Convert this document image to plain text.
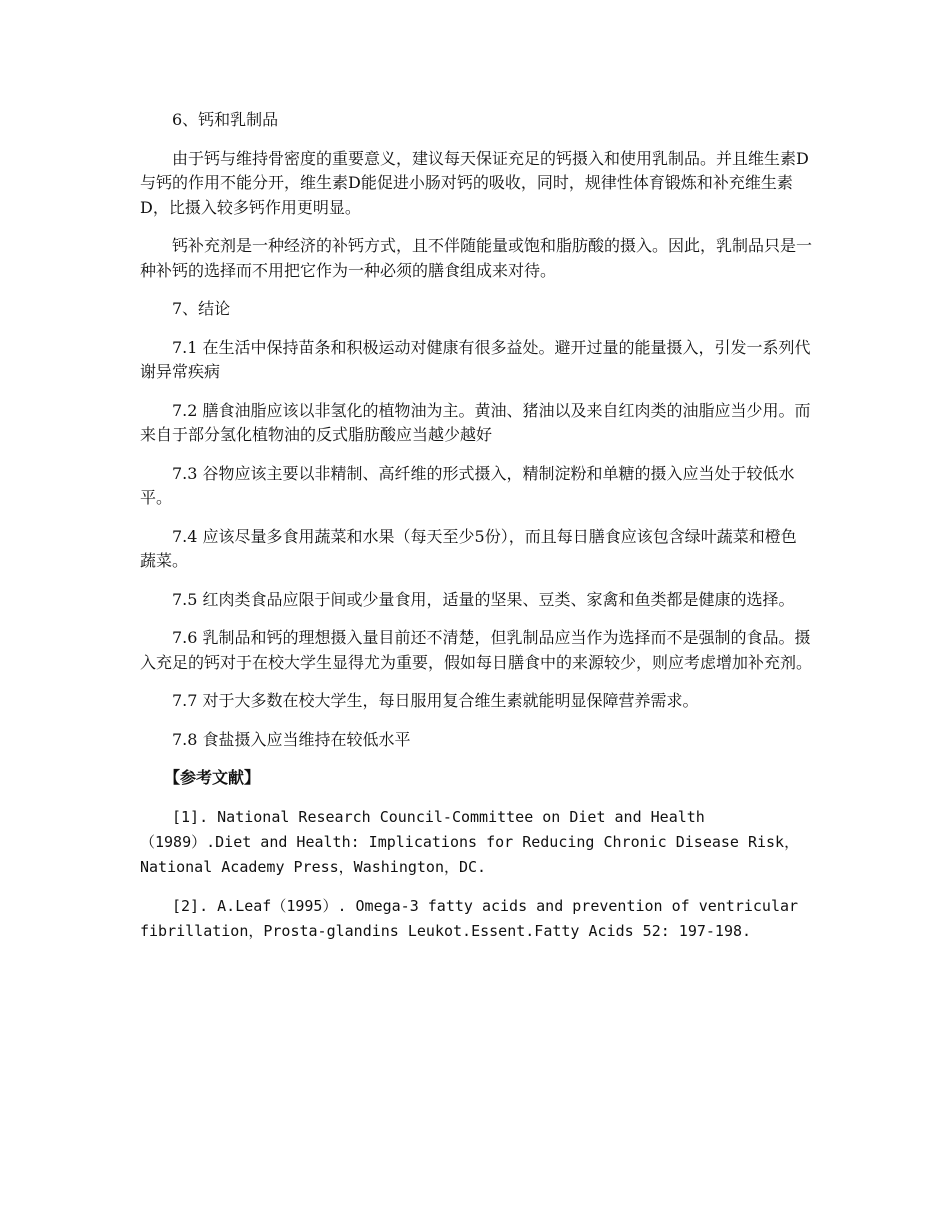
6、钙和乳制品

由于钙与维持骨密度的重要意义，建议每天保证充足的钙摄入和使用乳制品。并且维生素D与钙的作用不能分开，维生素D能促进小肠对钙的吸收，同时，规律性体育锻炼和补充维生素D，比摄入较多钙作用更明显。

钙补充剂是一种经济的补钙方式，且不伴随能量或饱和脂肪酸的摄入。因此，乳制品只是一种补钙的选择而不用把它作为一种必须的膳食组成来对待。

7、结论

7.1 在生活中保持苗条和积极运动对健康有很多益处。避开过量的能量摄入，引发一系列代谢异常疾病

7.2 膳食油脂应该以非氢化的植物油为主。黄油、猪油以及来自红肉类的油脂应当少用。而来自于部分氢化植物油的反式脂肪酸应当越少越好

7.3 谷物应该主要以非精制、高纤维的形式摄入，精制淀粉和单糖的摄入应当处于较低水平。

7.4 应该尽量多食用蔬菜和水果（每天至少5份），而且每日膳食应该包含绿叶蔬菜和橙色蔬菜。

7.5 红肉类食品应限于间或少量食用，适量的坚果、豆类、家禽和鱼类都是健康的选择。

7.6 乳制品和钙的理想摄入量目前还不清楚，但乳制品应当作为选择而不是强制的食品。摄入充足的钙对于在校大学生显得尤为重要，假如每日膳食中的来源较少，则应考虑增加补充剂。

7.7 对于大多数在校大学生，每日服用复合维生素就能明显保障营养需求。

7.8 食盐摄入应当维持在较低水平

【参考文献】

[1]. National Research Council-Committee on Diet and Health（1989）.Diet and Health: Implications for Reducing Chronic Disease Risk，National Academy Press，Washington，DC.

[2]. A.Leaf（1995）. Omega-3 fatty acids and prevention of ventricular fibrillation，Prosta-glandins Leukot.Essent.Fatty Acids 52: 197-198.
